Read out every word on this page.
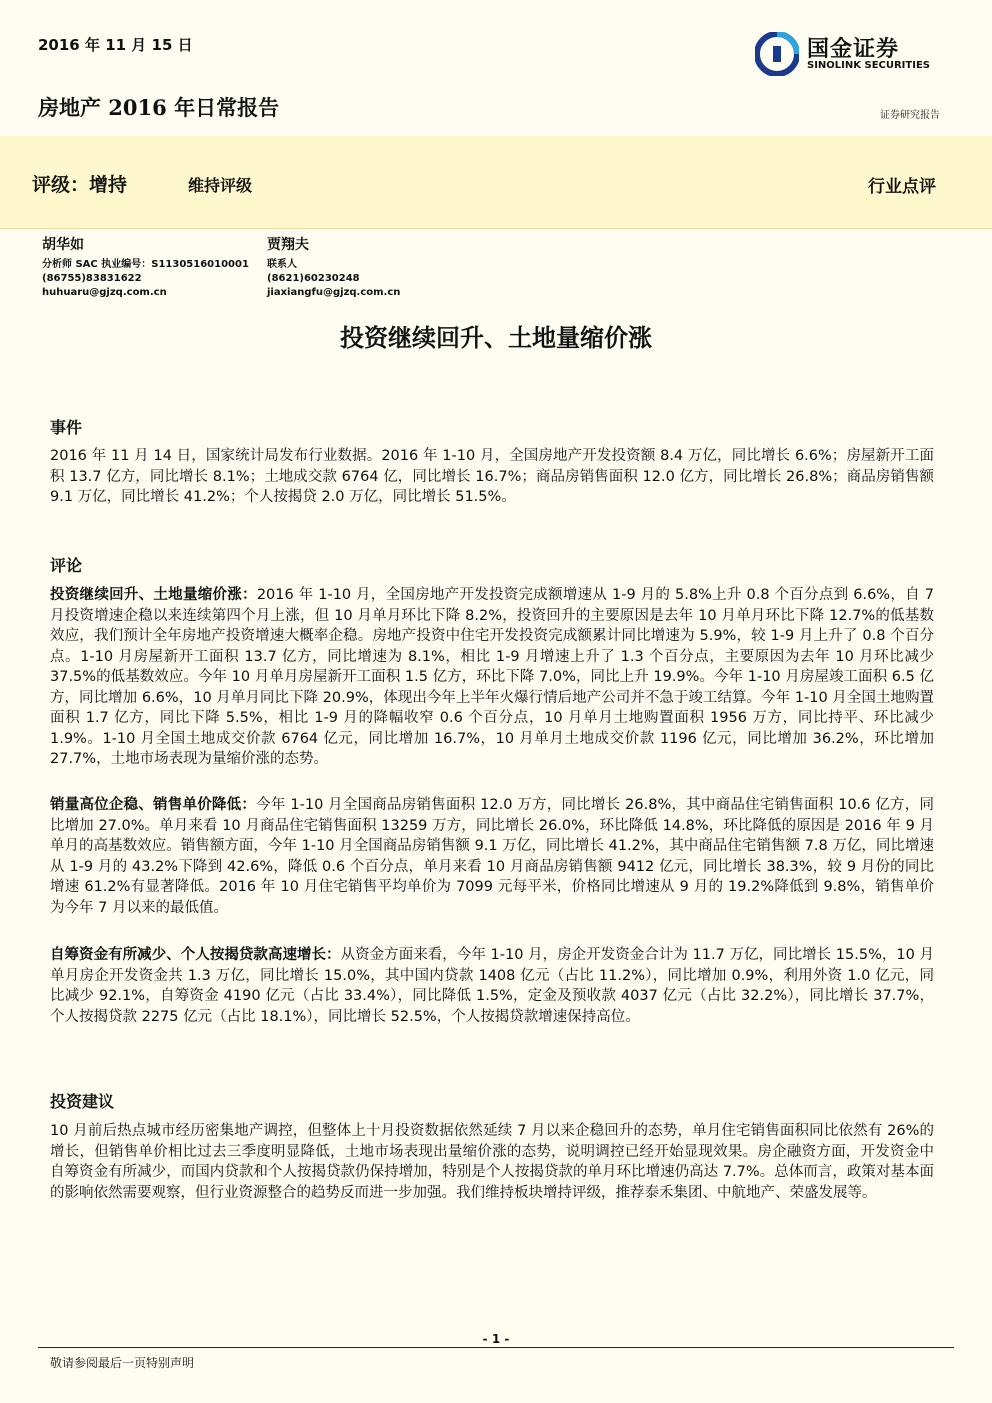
2016 年 11 月 15 日	国金证券
SINOLINK SECURITIES
房地产 2016 年日常报告	证券研究报告
评级：增持	维持评级	行业点评
胡华如
分析师 SAC 执业编号：S1130516010001
(86755)83831622
huhuaru@gjzq.com.cn
贾翔夫
联系人
(8621)60230248
jiaxiangfu@gjzq.com.cn
投资继续回升、土地量缩价涨
事件
2016 年 11 月 14 日，国家统计局发布行业数据。2016 年 1-10 月，全国房地产开发投资额 8.4 万亿，同比增长 6.6%；房屋新开工面积 13.7 亿方，同比增长 8.1%；土地成交款 6764 亿，同比增长 16.7%；商品房销售面积 12.0 亿方，同比增长 26.8%；商品房销售额 9.1 万亿，同比增长 41.2%；个人按揭贷 2.0 万亿，同比增长 51.5%。
评论
投资继续回升、土地量缩价涨：2016 年 1-10 月，全国房地产开发投资完成额增速从 1-9 月的 5.8%上升 0.8 个百分点到 6.6%，自 7 月投资增速企稳以来连续第四个月上涨，但 10 月单月环比下降 8.2%，投资回升的主要原因是去年 10 月单月环比下降 12.7%的低基数效应，我们预计全年房地产投资增速大概率企稳。房地产投资中住宅开发投资完成额累计同比增速为 5.9%，较 1-9 月上升了 0.8 个百分点。1-10 月房屋新开工面积 13.7 亿方，同比增速为 8.1%，相比 1-9 月增速上升了 1.3 个百分点，主要原因为去年 10 月环比减少 37.5%的低基数效应。今年 10 月单月房屋新开工面积 1.5 亿方，环比下降 7.0%，同比上升 19.9%。今年 1-10 月房屋竣工面积 6.5 亿方，同比增加 6.6%，10 月单月同比下降 20.9%，体现出今年上半年火爆行情后地产公司并不急于竣工结算。今年 1-10 月全国土地购置面积 1.7 亿方，同比下降 5.5%，相比 1-9 月的降幅收窄 0.6 个百分点，10 月单月土地购置面积 1956 万方，同比持平、环比减少 1.9%。1-10 月全国土地成交价款 6764 亿元，同比增加 16.7%，10 月单月土地成交价款 1196 亿元，同比增加 36.2%，环比增加 27.7%，土地市场表现为量缩价涨的态势。
销量高位企稳、销售单价降低：今年 1-10 月全国商品房销售面积 12.0 万方，同比增长 26.8%，其中商品住宅销售面积 10.6 亿方，同比增加 27.0%。单月来看 10 月商品住宅销售面积 13259 万方，同比增长 26.0%，环比降低 14.8%，环比降低的原因是 2016 年 9 月单月的高基数效应。销售额方面，今年 1-10 月全国商品房销售额 9.1 万亿，同比增长 41.2%，其中商品住宅销售额 7.8 万亿，同比增速从 1-9 月的 43.2%下降到 42.6%，降低 0.6 个百分点，单月来看 10 月商品房销售额 9412 亿元，同比增长 38.3%，较 9 月份的同比增速 61.2%有显著降低。2016 年 10 月住宅销售平均单价为 7099 元每平米，价格同比增速从 9 月的 19.2%降低到 9.8%，销售单价为今年 7 月以来的最低值。
自筹资金有所减少、个人按揭贷款高速增长：从资金方面来看，今年 1-10 月，房企开发资金合计为 11.7 万亿，同比增长 15.5%，10 月单月房企开发资金共 1.3 万亿，同比增长 15.0%，其中国内贷款 1408 亿元（占比 11.2%），同比增加 0.9%，利用外资 1.0 亿元，同比减少 92.1%，自筹资金 4190 亿元（占比 33.4%），同比降低 1.5%，定金及预收款 4037 亿元（占比 32.2%），同比增长 37.7%，个人按揭贷款 2275 亿元（占比 18.1%），同比增长 52.5%，个人按揭贷款增速保持高位。
投资建议
10 月前后热点城市经历密集地产调控，但整体上十月投资数据依然延续 7 月以来企稳回升的态势，单月住宅销售面积同比依然有 26%的增长，但销售单价相比过去三季度明显降低，土地市场表现出量缩价涨的态势，说明调控已经开始显现效果。房企融资方面，开发资金中自筹资金有所减少，而国内贷款和个人按揭贷款仍保持增加，特别是个人按揭贷款的单月环比增速仍高达 7.7%。总体而言，政策对基本面的影响依然需要观察，但行业资源整合的趋势反而进一步加强。我们维持板块增持评级，推荐泰禾集团、中航地产、荣盛发展等。
- 1 -
敬请参阅最后一页特别声明
